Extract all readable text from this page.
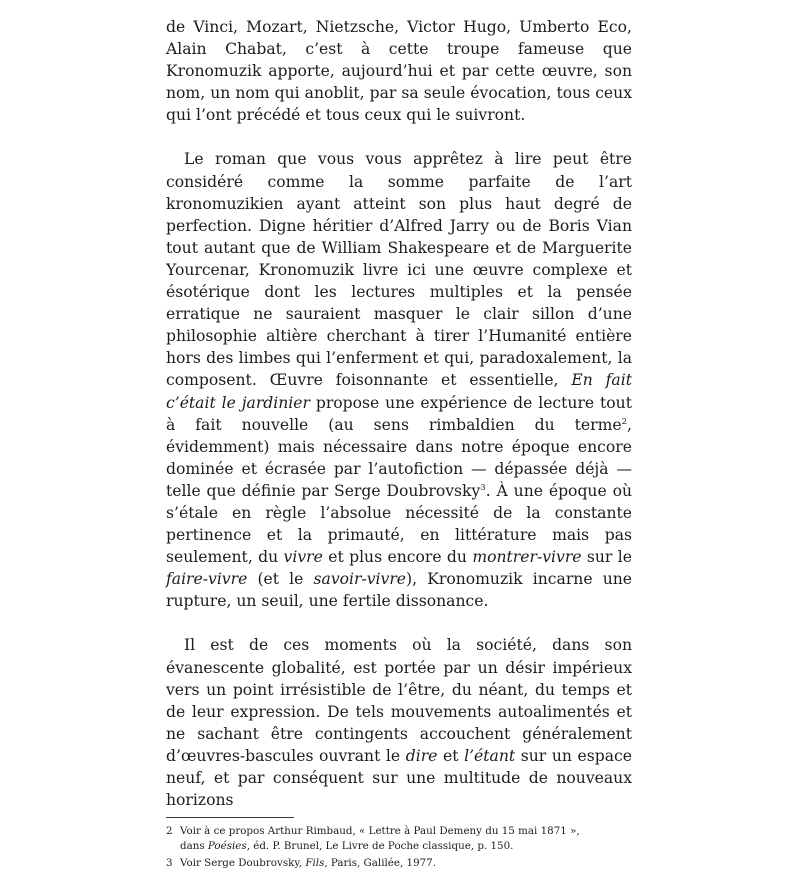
de Vinci, Mozart, Nietzsche, Victor Hugo, Umberto Eco, Alain Chabat, c’est à cette troupe fameuse que Kronomuzik apporte, aujourd’hui et par cette œuvre, son nom, un nom qui anoblit, par sa seule évocation, tous ceux qui l’ont précédé et tous ceux qui le suivront.

Le roman que vous vous apprêtez à lire peut être considéré comme la somme parfaite de l’art kronomuzikien ayant atteint son plus haut degré de perfection. Digne héritier d’Alfred Jarry ou de Boris Vian tout autant que de William Shakespeare et de Marguerite Yourcenar, Kronomuzik livre ici une œuvre complexe et ésotérique dont les lectures multiples et la pensée erratique ne sauraient masquer le clair sillon d’une philosophie altière cherchant à tirer l’Humanité entière hors des limbes qui l’enferment et qui, paradoxalement, la composent. Œuvre foisonnante et essentielle, En fait c’était le jardinier propose une expérience de lecture tout à fait nouvelle (au sens rimbaldien du terme$^2$, évidemment) mais nécessaire dans notre époque encore dominée et écrasée par l’autofiction — dépassée déjà — telle que définie par Serge Doubrovsky$^3$. À une époque où s’étale en règle l’absolue nécessité de la constante pertinence et la primauté, en littérature mais pas seulement, du vivre et plus encore du montrer-vivre sur le faire-vivre (et le savoir-vivre), Kronomuzik incarne une rupture, un seuil, une fertile dissonance.

Il est de ces moments où la société, dans son évanescente globalité, est portée par un désir impérieux vers un point irrésistible de l’être, du néant, du temps et de leur expression. De tels mouvements autoalimentés et ne sachant être contingents accouchent généralement d’œuvres-bascules ouvrant le dire et l’étant sur un espace neuf, et par conséquent sur une multitude de nouveaux horizons

2 Voir à ce propos Arthur Rimbaud, « Lettre à Paul Demeny du 15 mai 1871 »,
dans Poésies, éd. P. Brunel, Le Livre de Poche classique, p. 150.

3 Voir Serge Doubrovsky, Fils, Paris, Galilée, 1977.
